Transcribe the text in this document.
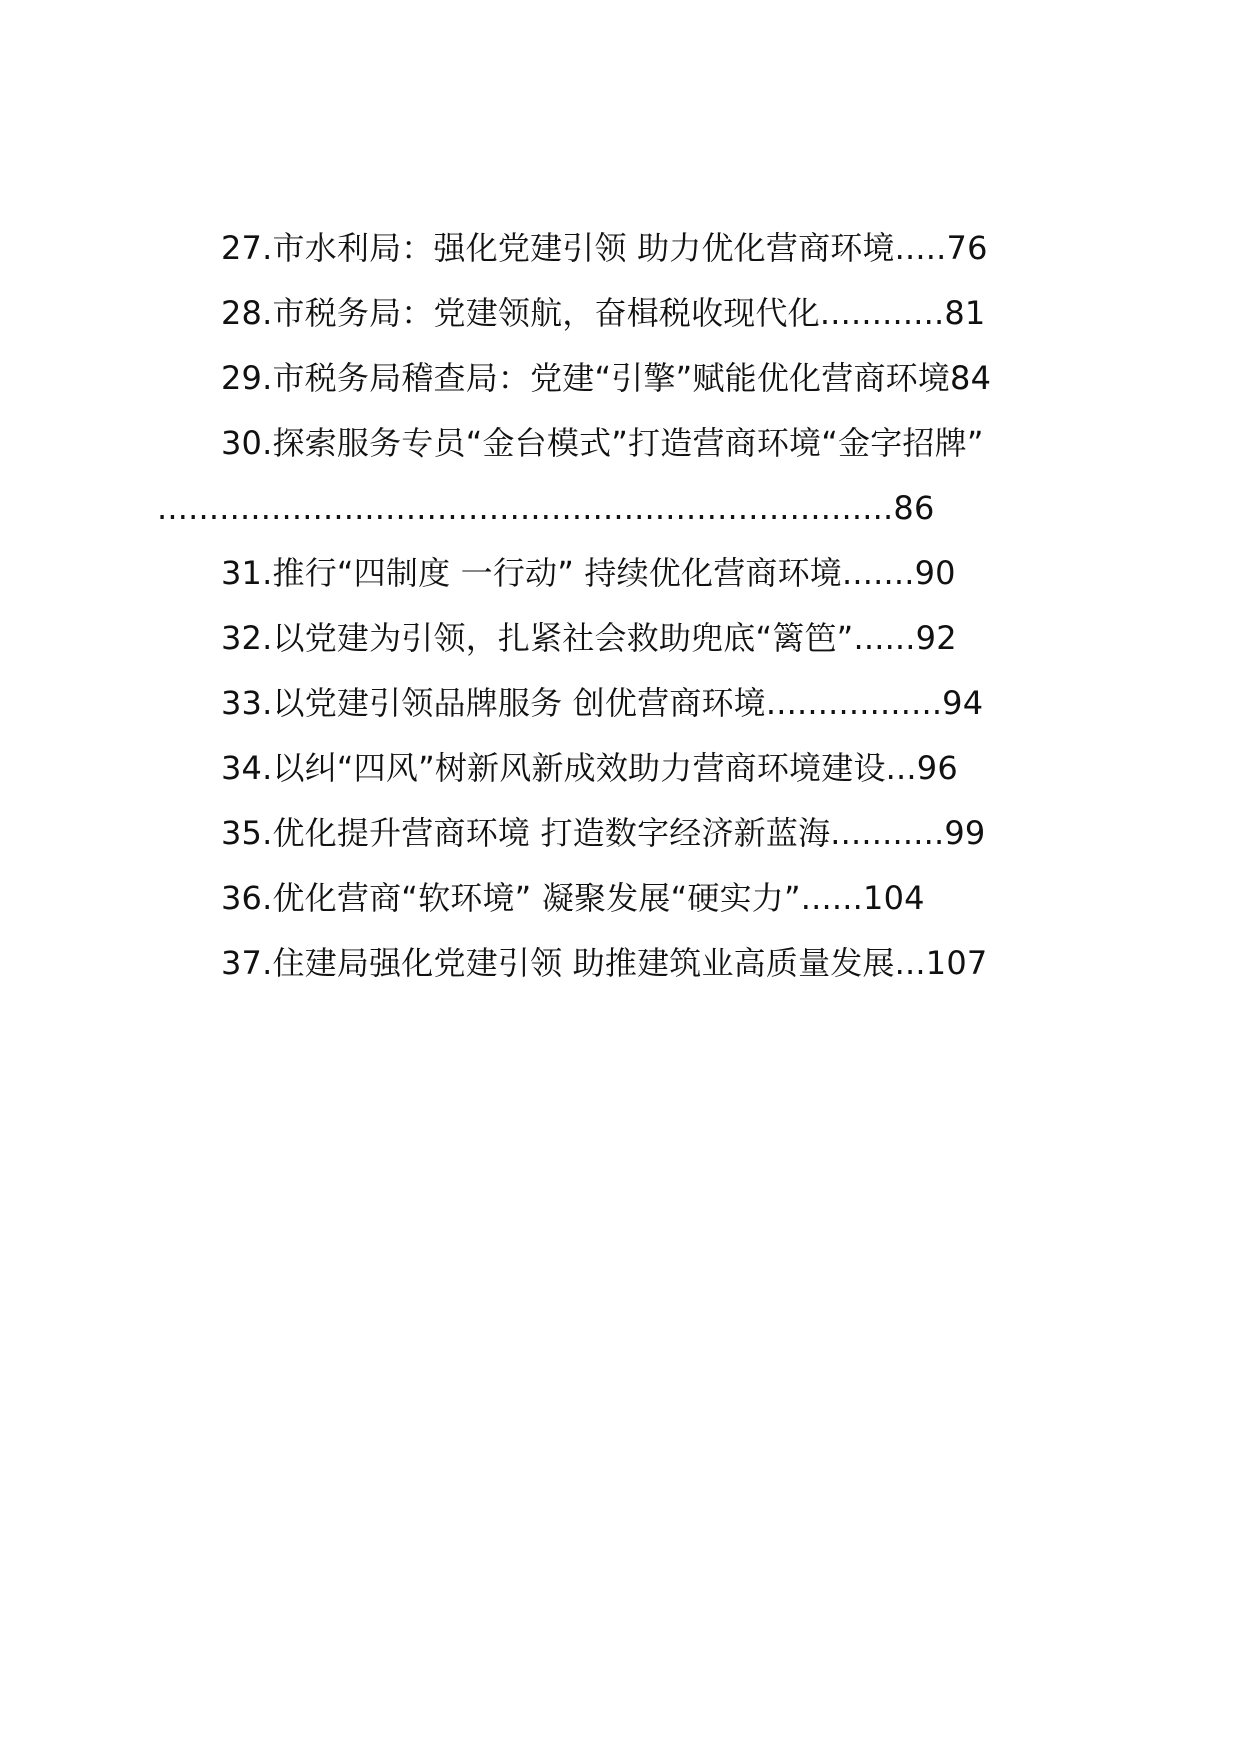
27.市水利局：强化党建引领 助力优化营商环境.....76
28.市税务局：党建领航，奋楫税收现代化............81
29.市税务局稽查局：党建“引擎”赋能优化营商环境84
30.探索服务专员“金台模式”打造营商环境“金字招牌”
.......................................................................86
31.推行“四制度 一行动” 持续优化营商环境.......90
32.以党建为引领，扎紧社会救助兜底“篱笆”......92
33.以党建引领品牌服务 创优营商环境.................94
34.以纠“四风”树新风新成效助力营商环境建设...96
35.优化提升营商环境 打造数字经济新蓝海...........99
36.优化营商“软环境” 凝聚发展“硬实力”......104
37.住建局强化党建引领 助推建筑业高质量发展...107
